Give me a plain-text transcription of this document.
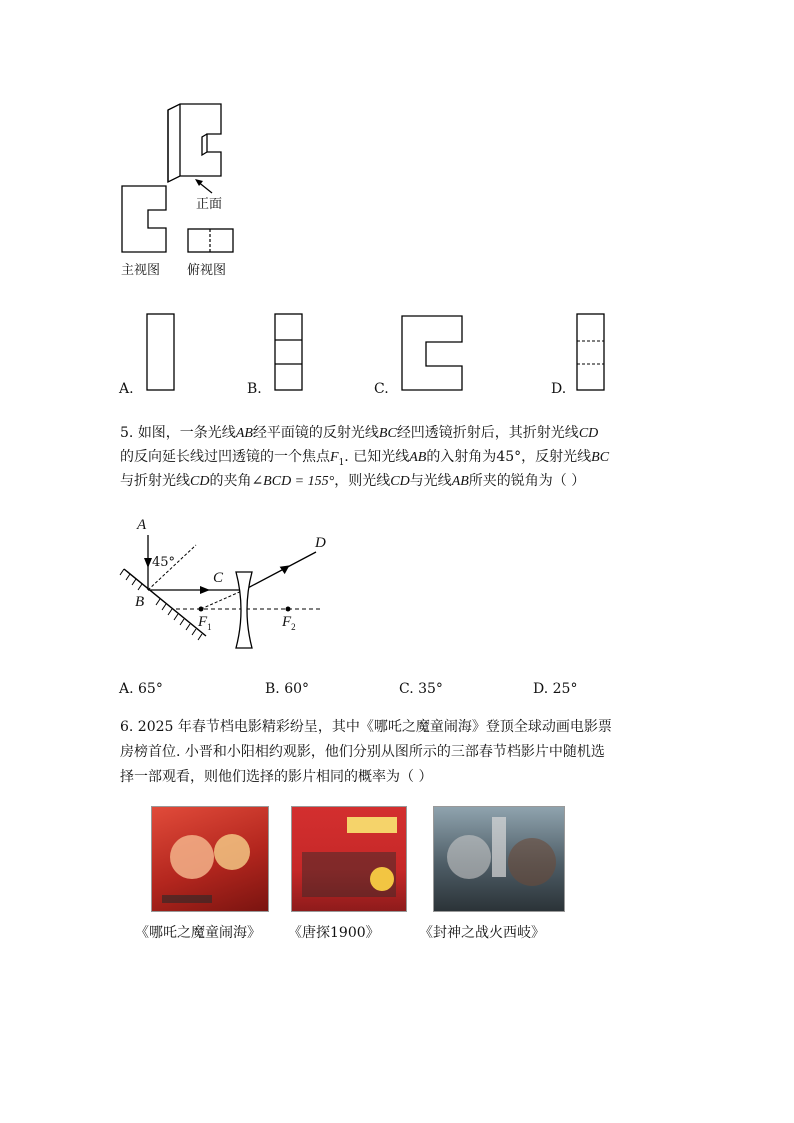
正面
主视图 俯视图
A.	B.	C.	D.
5. 如图，一条光线AB经平面镜的反射光线BC经凹透镜折射后，其折射光线CD
的反向延长线过凹透镜的一个焦点$F_1$. 已知光线AB的入射角为45°，反射光线BC
与折射光线CD的夹角∠BCD = 155°，则光线CD与光线AB所夹的锐角为（ ）
A
45°
B
C
D
$F_1$	$F_2$
A. 65°	B. 60°	C. 35°	D. 25°
6. 2025 年春节档电影精彩纷呈，其中《哪吒之魔童闹海》登顶全球动画电影票
房榜首位. 小晋和小阳相约观影，他们分别从图所示的三部春节档影片中随机选
择一部观看，则他们选择的影片相同的概率为（ ）
《哪吒之魔童闹海》 《唐探1900》	《封神之战火西岐》
